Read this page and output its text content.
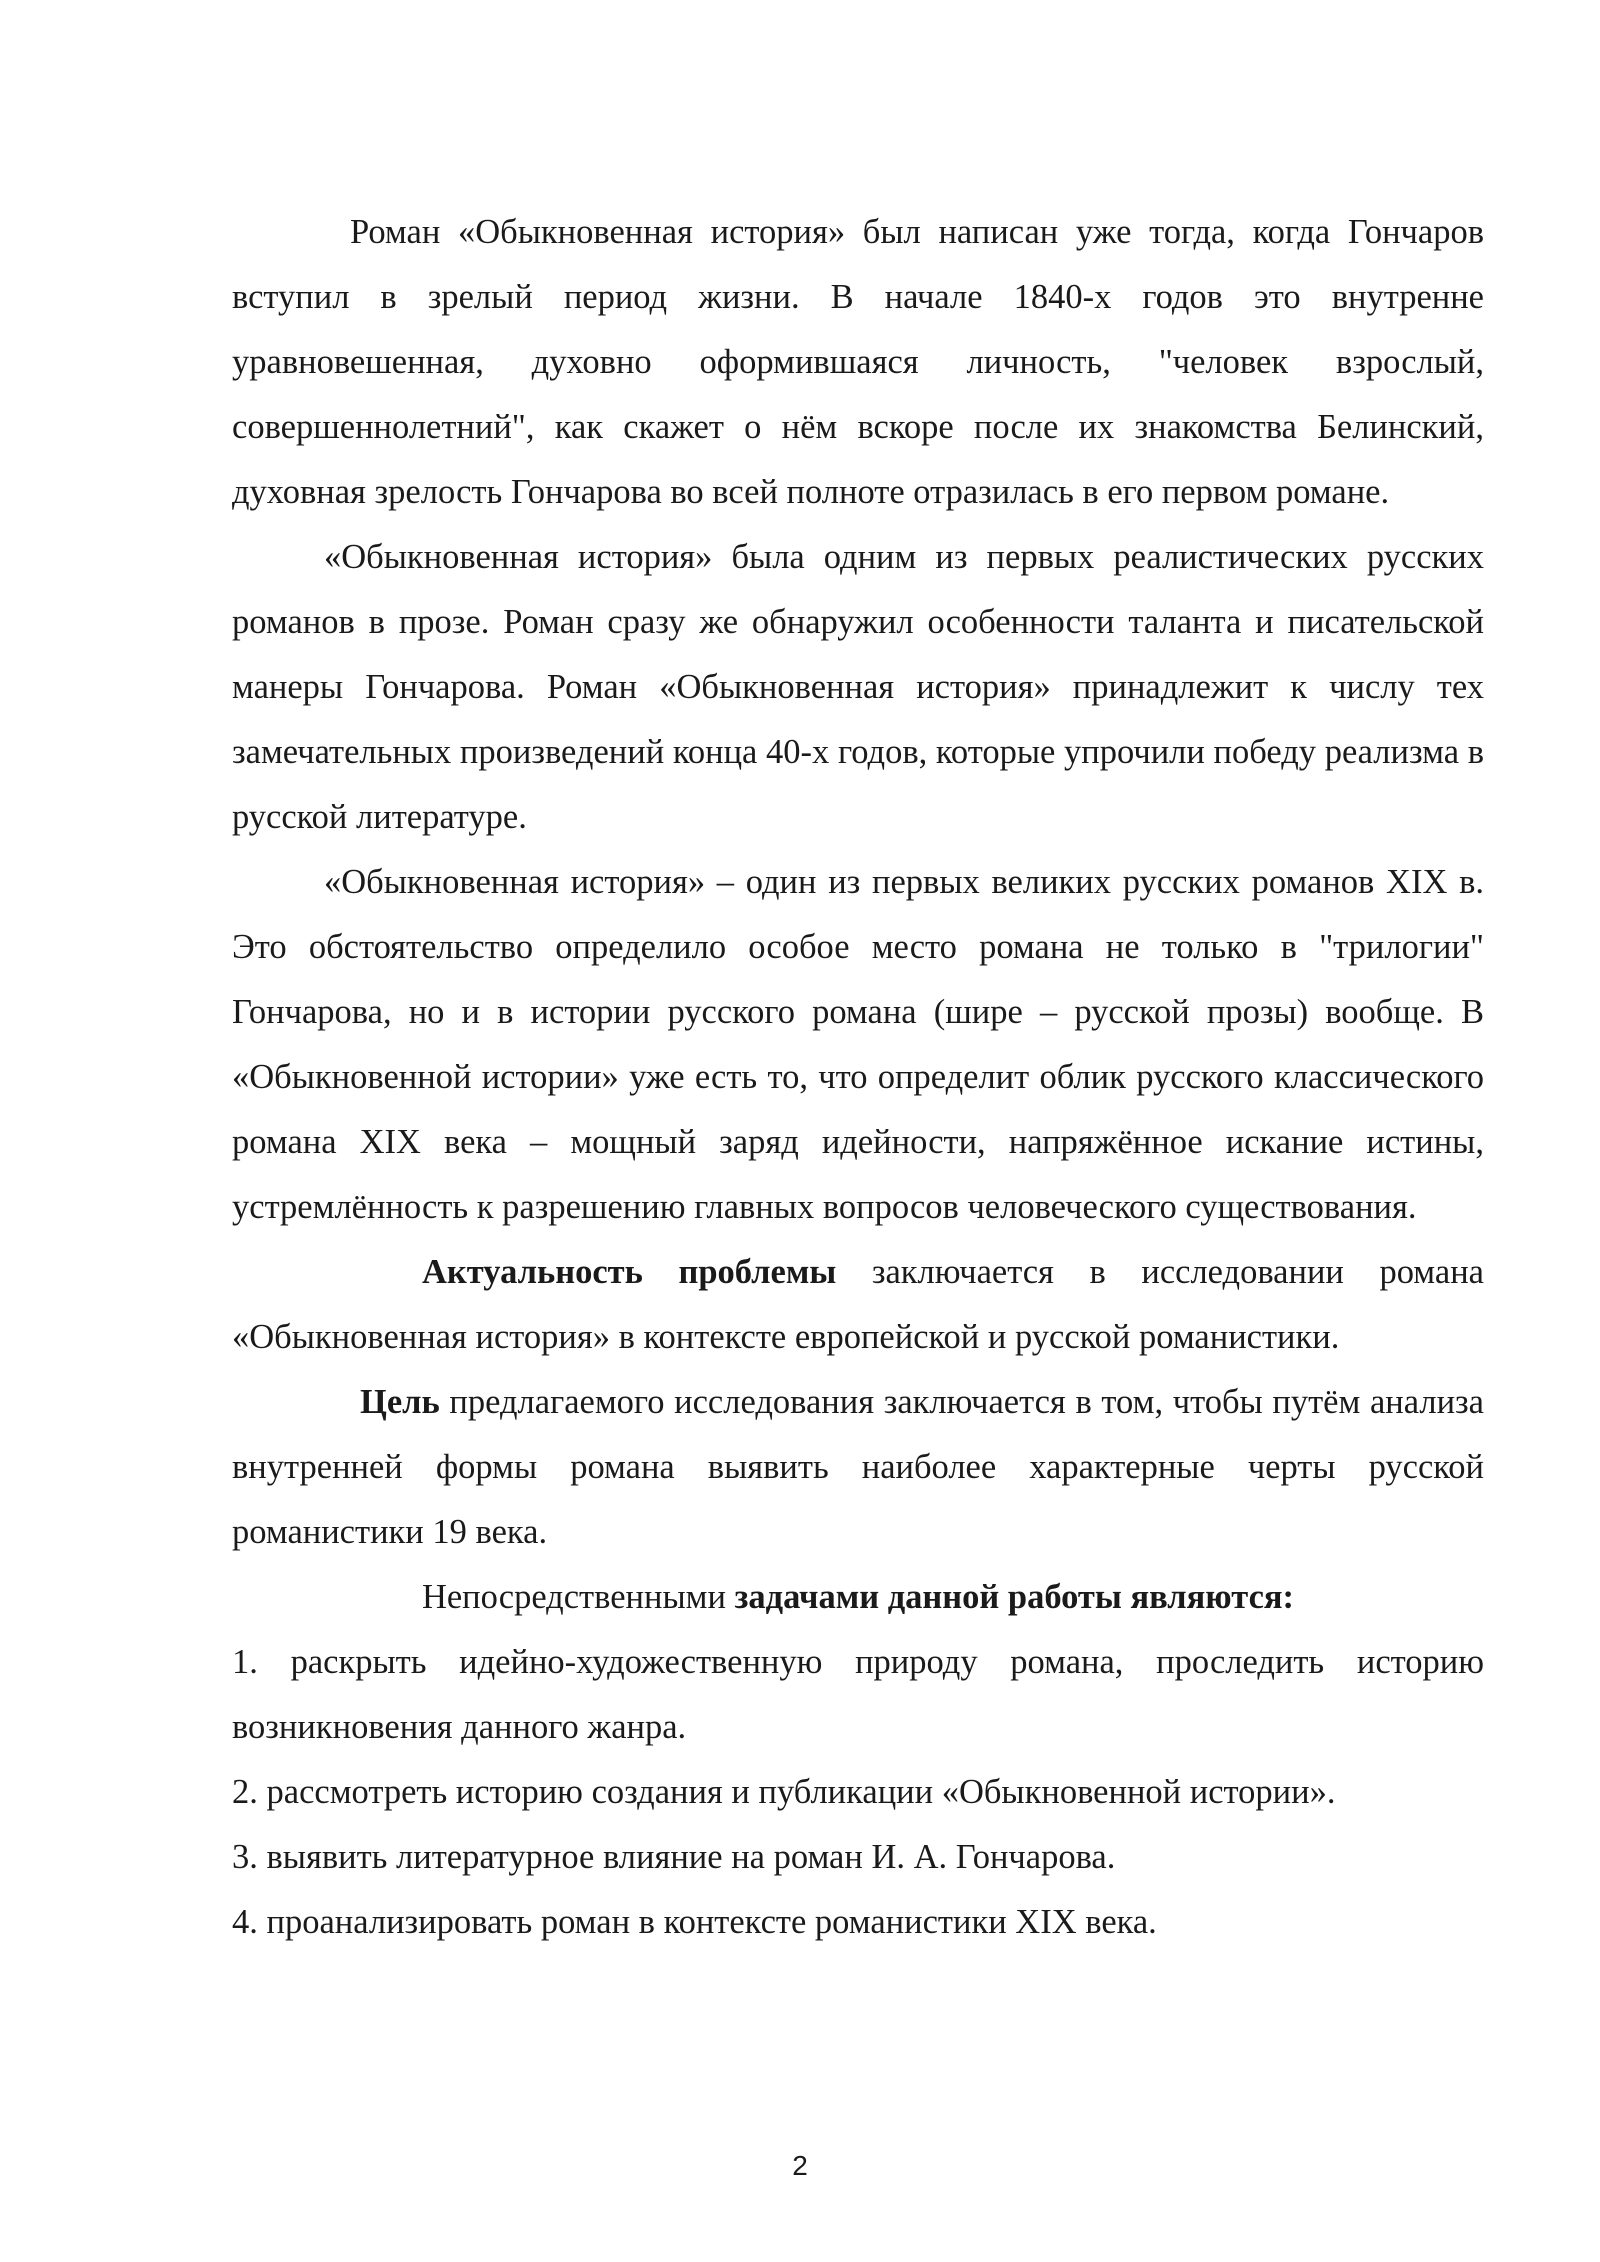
Роман «Обыкновенная история» был написан уже тогда, когда Гончаров вступил в зрелый период жизни. В начале 1840-х годов это внутренне уравновешенная, духовно оформившаяся личность, "человек взрослый, совершеннолетний", как скажет о нём вскоре после их знакомства Белинский, духовная зрелость Гончарова во всей полноте отразилась в его первом романе.

«Обыкновенная история» была одним из первых реалистических русских романов в прозе. Роман сразу же обнаружил особенности таланта и писательской манеры Гончарова. Роман «Обыкновенная история» принадлежит к числу тех замечательных произведений конца 40-х годов, которые упрочили победу реализма в русской литературе.

«Обыкновенная история» – один из первых великих русских романов XIX в. Это обстоятельство определило особое место романа не только в "трилогии" Гончарова, но и в истории русского романа (шире – русской прозы) вообще. В «Обыкновенной истории» уже есть то, что определит облик русского классического романа XIX века – мощный заряд идейности, напряжённое искание истины, устремлённость к разрешению главных вопросов человеческого существования.

Актуальность проблемы заключается в исследовании романа «Обыкновенная история» в контексте европейской и русской романистики.

Цель предлагаемого исследования заключается в том, чтобы путём анализа внутренней формы романа выявить наиболее характерные черты русской романистики 19 века.

Непосредственными задачами данной работы являются:

1. раскрыть идейно-художественную природу романа, проследить историю возникновения данного жанра.

2. рассмотреть историю создания и публикации «Обыкновенной истории».

3. выявить литературное влияние на роман И. А. Гончарова.

4. проанализировать роман в контексте романистики XIX века.

2
